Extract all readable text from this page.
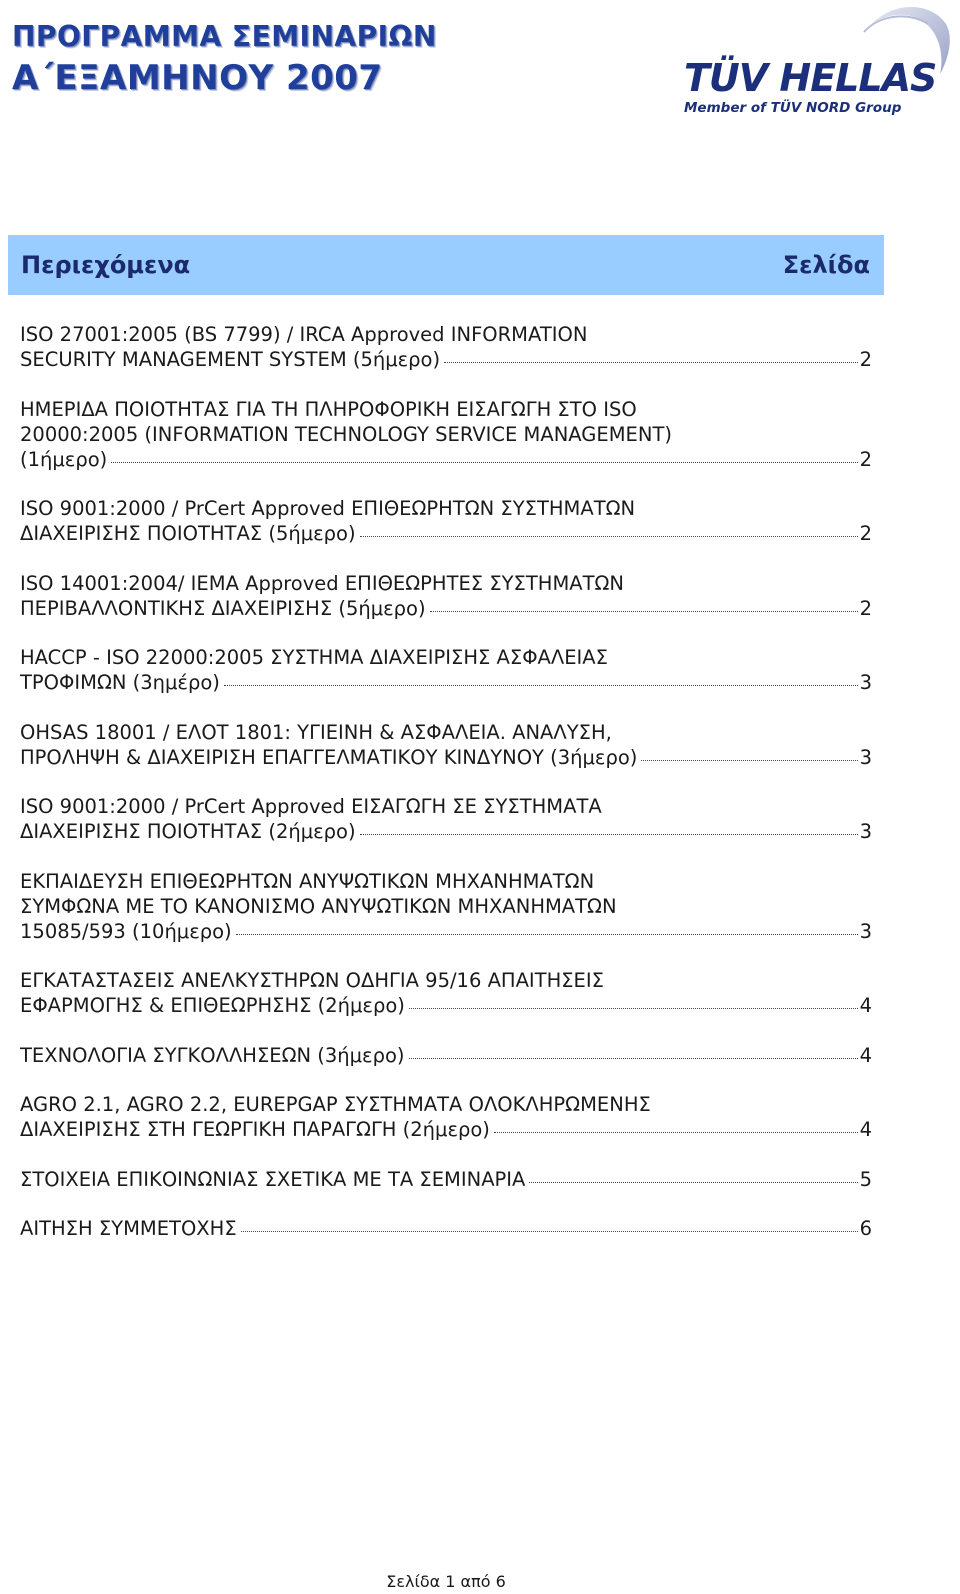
ΠΡΟΓΡΑΜΜΑ ΣΕΜΙΝΑΡΙΩΝ
Α΄ΕΞΑΜΗΝΟΥ 2007	TÜV HELLAS
Member of TÜV NORD Group
Περιεχόμενα	Σελίδα
ISO 27001:2005 (BS 7799) / IRCA Approved INFORMATION
SECURITY MANAGEMENT SYSTEM (5ήμερο)	2
ΗΜΕΡΙΔΑ ΠΟΙΟΤΗΤΑΣ ΓΙΑ ΤΗ ΠΛΗΡΟΦΟΡΙΚΗ ΕΙΣΑΓΩΓΗ ΣΤΟ ISO
20000:2005 (INFORMATION TECHNOLOGY SERVICE MANAGEMENT)
(1ήμερο)	2
ISO 9001:2000 / PrCert Approved ΕΠΙΘΕΩΡΗΤΩΝ ΣΥΣΤΗΜΑΤΩΝ
ΔΙΑΧΕΙΡΙΣΗΣ ΠΟΙΟΤΗΤΑΣ (5ήμερο)	2
ISO 14001:2004/ IEMA Approved ΕΠΙΘΕΩΡΗΤΕΣ ΣΥΣΤΗΜΑΤΩΝ
ΠΕΡΙΒΑΛΛΟΝΤΙΚΗΣ ΔΙΑΧΕΙΡΙΣΗΣ (5ήμερο)	2
HACCP - ISO 22000:2005 ΣΥΣΤΗΜΑ ΔΙΑΧΕΙΡΙΣΗΣ ΑΣΦΑΛΕΙΑΣ
ΤΡΟΦΙΜΩΝ (3ημέρο)	3
OHSAS 18001 / ΕΛΟΤ 1801: ΥΓΙΕΙΝΗ & ΑΣΦΑΛΕΙΑ. ΑΝΑΛΥΣΗ,
ΠΡΟΛΗΨΗ & ΔΙΑΧΕΙΡΙΣΗ ΕΠΑΓΓΕΛΜΑΤΙΚΟΥ ΚΙΝΔΥΝΟΥ (3ήμερο)	3
ISO 9001:2000 / PrCert Approved ΕΙΣΑΓΩΓΗ ΣΕ ΣΥΣΤΗΜΑΤΑ
ΔΙΑΧΕΙΡΙΣΗΣ ΠΟΙΟΤΗΤΑΣ (2ήμερο)	3
ΕΚΠΑΙΔΕΥΣΗ ΕΠΙΘΕΩΡΗΤΩΝ ΑΝΥΨΩΤΙΚΩΝ ΜΗΧΑΝΗΜΑΤΩΝ
ΣΥΜΦΩΝΑ ΜΕ ΤΟ ΚΑΝΟΝΙΣΜΟ ΑΝΥΨΩΤΙΚΩΝ ΜΗΧΑΝΗΜΑΤΩΝ
15085/593 (10ήμερο)	3
ΕΓΚΑΤΑΣΤΑΣΕΙΣ ΑΝΕΛΚΥΣΤΗΡΩΝ ΟΔΗΓΙΑ 95/16 ΑΠΑΙΤΗΣΕΙΣ
ΕΦΑΡΜΟΓΗΣ & ΕΠΙΘΕΩΡΗΣΗΣ (2ήμερο)	4
ΤΕΧΝΟΛΟΓΙΑ ΣΥΓΚΟΛΛΗΣΕΩΝ (3ήμερο)	4
AGRO 2.1, AGRO 2.2, EUREPGAP ΣΥΣΤΗΜΑΤΑ ΟΛΟΚΛΗΡΩΜΕΝΗΣ
ΔΙΑΧΕΙΡΙΣΗΣ ΣΤΗ ΓΕΩΡΓΙΚΗ ΠΑΡΑΓΩΓΗ (2ήμερο)	4
ΣΤΟΙΧΕΙΑ ΕΠΙΚΟΙΝΩΝΙΑΣ ΣΧΕΤΙΚΑ ΜΕ ΤΑ ΣΕΜΙΝΑΡΙΑ	5
ΑΙΤΗΣΗ ΣΥΜΜΕΤΟΧΗΣ	6
Σελίδα 1 από 6
